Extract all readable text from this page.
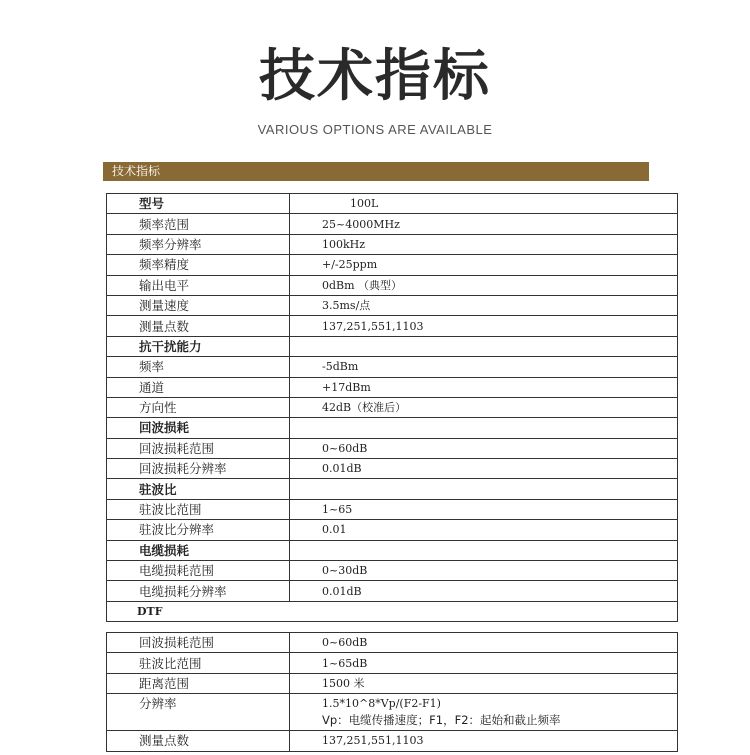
技术指标
VARIOUS OPTIONS ARE AVAILABLE
技术指标
型号	100L
频率范围	25~4000MHz
频率分辨率	100kHz
频率精度	+/-25ppm
输出电平	0dBm （典型）
测量速度	3.5ms/点
测量点数	137,251,551,1103
抗干扰能力	
频率	-5dBm
通道	+17dBm
方向性	42dB（校准后）
回波损耗	
回波损耗范围	0~60dB
回波损耗分辨率	0.01dB
驻波比	
驻波比范围	1~65
驻波比分辨率	0.01
电缆损耗	
电缆损耗范围	0~30dB
电缆损耗分辨率	0.01dB
DTF	
回波损耗范围	0~60dB
驻波比范围	1~65dB
距离范围	1500 米
分辨率	1.5*10^8*Vp/(F2-F1)
Vp：电缆传播速度；F1，F2：起始和截止频率

测量点数	137,251,551,1103
